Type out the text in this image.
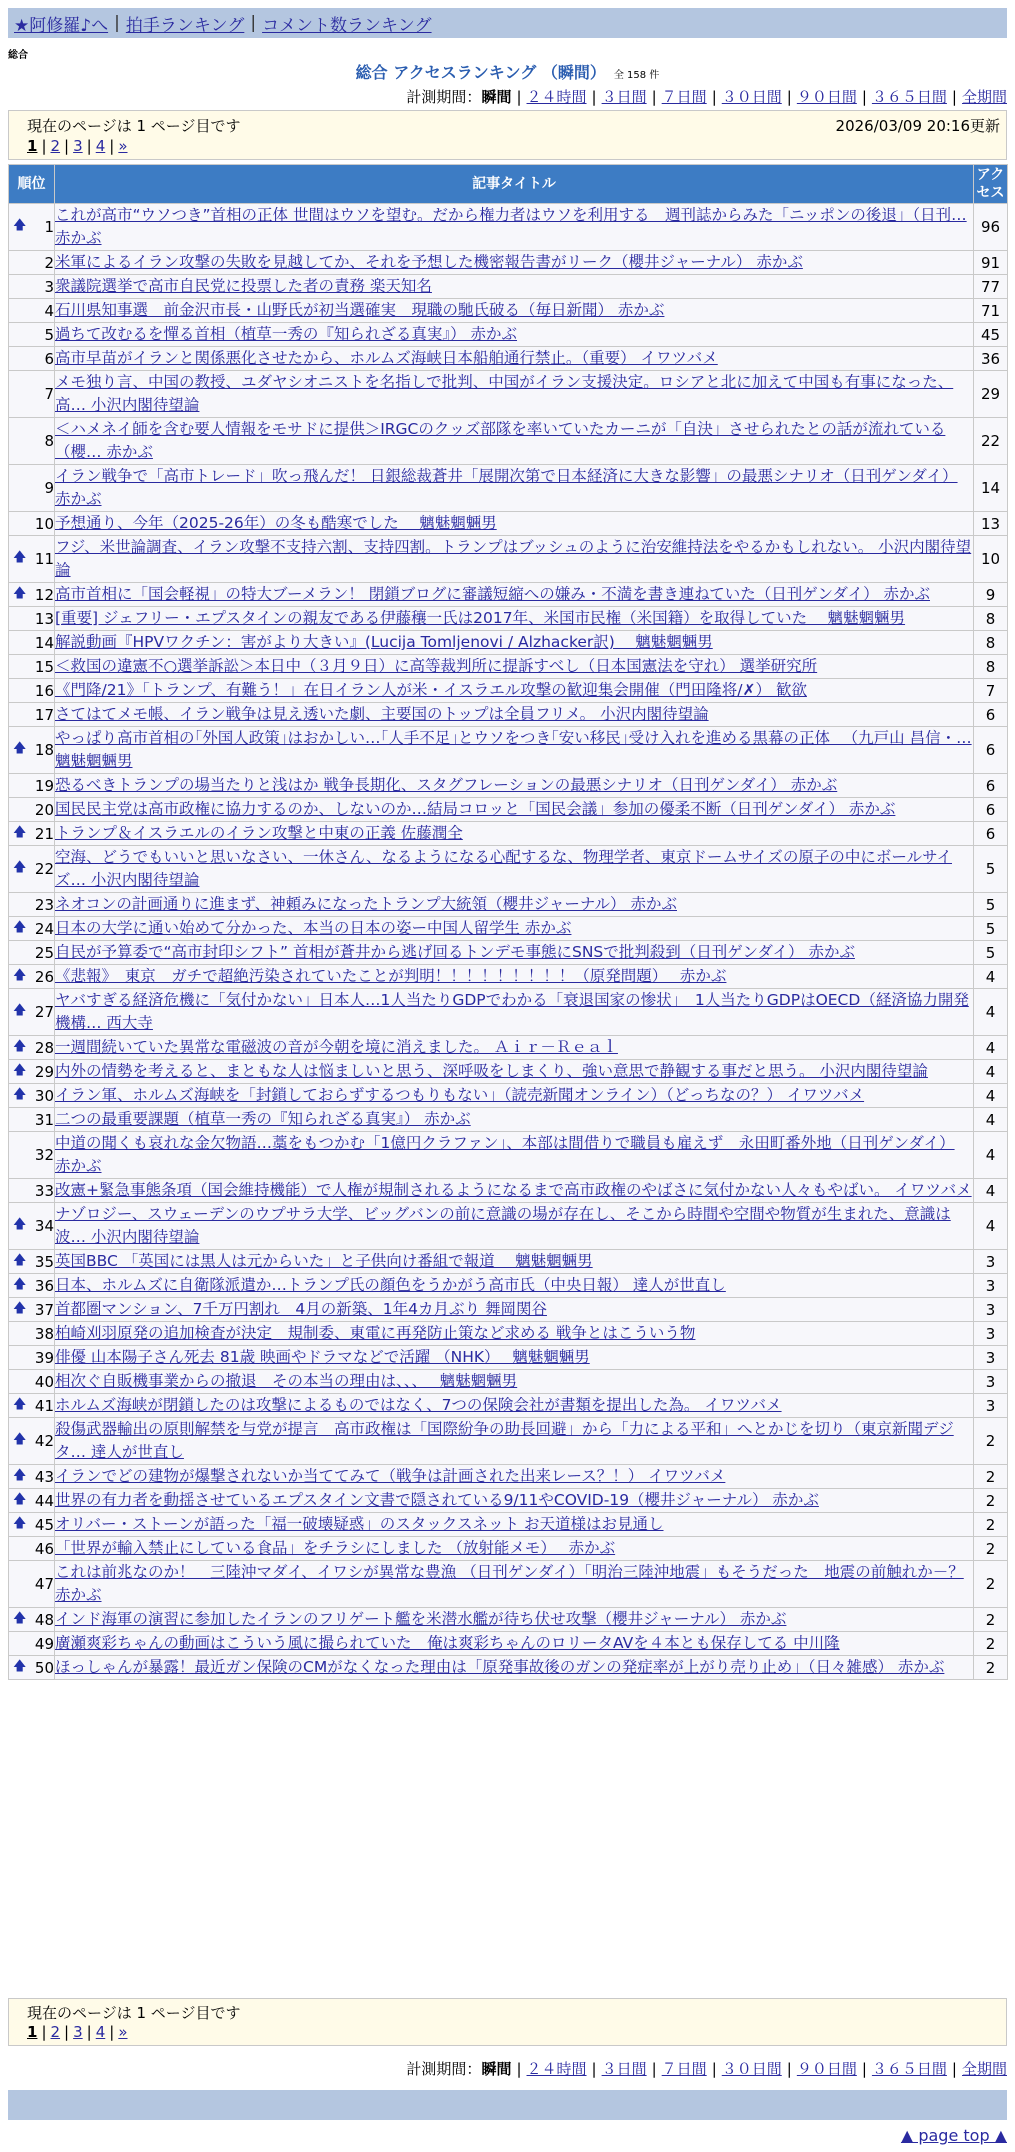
★阿修羅♪へ | 拍手ランキング | コメント数ランキング
総合
総合 アクセスランキング （瞬間） 全 158 件
計測期間：瞬間 | ２４時間 | ３日間 | ７日間 | ３０日間 | ９０日間 | ３６５日間 | 全期間
現在のページは 1 ページ目です	2026/03/09 20:16更新
1 | 2 | 3 | 4 | »
順位	記事タイトル	アクセス

🡅 1	これが高市“ウソつき”首相の正体 世間はウソを望む。だから権力者はウソを利用する　週刊誌からみた「ニッポンの後退」（日刊… 赤かぶ	96
2	米軍によるイラン攻撃の失敗を見越してか、それを予想した機密報告書がリーク（櫻井ジャーナル） 赤かぶ	91
3	衆議院選挙で高市自民党に投票した者の責務 楽天知名	77
4	石川県知事選　前金沢市長・山野氏が初当選確実　現職の馳氏破る（毎日新聞） 赤かぶ	71
5	過ちて改むるを憚る首相（植草一秀の『知られざる真実』） 赤かぶ	45
6	高市早苗がイランと関係悪化させたから、ホルムズ海峡日本船舶通行禁止。（重要） イワツバメ	36
7	メモ独り言、中国の教授、ユダヤシオニストを名指しで批判、中国がイラン支援決定。ロシアと北に加えて中国も有事になった、高… 小沢内閣待望論	29
8	＜ハメネイ師を含む要人情報をモサドに提供＞IRGCのクッズ部隊を率いていたカーニが「自決」させられたとの話が流れている（櫻… 赤かぶ	22
9	イラン戦争で「高市トレード」吹っ飛んだ！ 日銀総裁蒼井「展開次第で日本経済に大きな影響」の最悪シナリオ（日刊ゲンダイ） 赤かぶ	14
10	予想通り、今年（2025-26年）の冬も酷寒でした　 魑魅魍魎男	13

🡅 11	フジ、米世論調査、イラン攻撃不支持六割、支持四割。トランプはブッシュのように治安維持法をやるかもしれない。 小沢内閣待望論	10

🡅 12	高市首相に「国会軽視」の特大ブーメラン！ 閉鎖ブログに審議短縮への嫌み・不満を書き連ねていた（日刊ゲンダイ） 赤かぶ	9
13	[重要] ジェフリー・エプスタインの親友である伊藤穰一氏は2017年、米国市民権（米国籍）を取得していた　 魑魅魍魎男	8
14	解説動画『HPVワクチン：害がより大きい』(Lucija Tomljenovi / Alzhacker訳)　 魑魅魍魎男	8
15	＜救国の違憲不○選挙訴訟＞本日中（３月９日）に高等裁判所に提訴すべし（日本国憲法を守れ） 選挙研究所	8
16	《門降/21》「トランプ、有難う！」在日イラン人が米・イスラエル攻撃の歓迎集会開催（門田隆将/✗） 歓欲	7
17	さてはてメモ帳、イラン戦争は見え透いた劇、主要国のトップは全員フリメ。 小沢内閣待望論	6

🡅 18	やっぱり高市首相の｢外国人政策｣はおかしい…｢人手不足｣とウソをつき｢安い移民｣受け入れを進める黒幕の正体 　（九戸山 昌信・… 魑魅魍魎男	6
19	恐るべきトランプの場当たりと浅はか 戦争長期化、スタグフレーションの最悪シナリオ（日刊ゲンダイ） 赤かぶ	6
20	国民民主党は高市政権に協力するのか、しないのか…結局コロッと「国民会議」参加の優柔不断（日刊ゲンダイ） 赤かぶ	6

🡅 21	トランプ＆イスラエルのイラン攻撃と中東の正義 佐藤潤全	6

🡅 22	空海、どうでもいいと思いなさい、一休さん、なるようになる心配するな、物理学者、東京ドームサイズの原子の中にボールサイズ… 小沢内閣待望論	5
23	ネオコンの計画通りに進まず、神頼みになったトランプ大統領（櫻井ジャーナル） 赤かぶ	5

🡅 24	日本の大学に通い始めて分かった、本当の日本の姿ー中国人留学生 赤かぶ	5
25	自民が予算委で“高市封印シフト” 首相が蒼井から逃げ回るトンデモ事態にSNSで批判殺到（日刊ゲンダイ） 赤かぶ	5

🡅 26	《悲報》　東京　ガチで超絶汚染されていたことが判明！！！！！！！！！（原発問題）　 赤かぶ	4

🡅 27	ヤバすぎる経済危機に「気付かない」日本人…1人当たりGDPでわかる「衰退国家の惨状」　1人当たりGDPはOECD（経済協力開発機構… 西大寺	4

🡅 28	一週間続いていた異常な電磁波の音が今朝を境に消えました。 Ａｉｒ－Ｒｅａｌ	4

🡅 29	内外の情勢を考えると、まともな人は悩ましいと思う、深呼吸をしまくり、強い意思で静観する事だと思う。 小沢内閣待望論	4

🡅 30	イラン軍、ホルムズ海峡を「封鎖しておらずするつもりもない」（読売新聞オンライン）（どっちなの？） イワツバメ	4
31	二つの最重要課題（植草一秀の『知られざる真実』） 赤かぶ	4
32	中道の聞くも哀れな金欠物語…藁をもつかむ「1億円クラファン」、本部は間借りで職員も雇えず　永田町番外地（日刊ゲンダイ） 赤かぶ	4
33	改憲+緊急事態条項（国会維持機能）で人権が規制されるようになるまで高市政権のやばさに気付かない人々もやばい。 イワツバメ	4

🡅 34	ナゾロジー、スウェーデンのウプサラ大学、ビッグバンの前に意識の場が存在し、そこから時間や空間や物質が生まれた、意識は波… 小沢内閣待望論	4

🡅 35	英国BBC 「英国には黒人は元からいた」と子供向け番組で報道　 魑魅魍魎男	3

🡅 36	日本、ホルムズに自衛隊派遣か…トランプ氏の顔色をうかがう高市氏（中央日報） 達人が世直し	3

🡅 37	首都圏マンション、7千万円割れ　4月の新築、1年4カ月ぶり 舞岡関谷	3
38	柏崎刈羽原発の追加検査が決定　規制委、東電に再発防止策など求める 戦争とはこういう物	3
39	俳優 山本陽子さん死去 81歳 映画やドラマなどで活躍 （NHK）　 魑魅魍魎男	3
40	相次ぐ自販機事業からの撤退　その本当の理由は、、、　 魑魅魍魎男	3

🡅 41	ホルムズ海峡が閉鎖したのは攻撃によるものではなく、7つの保険会社が書類を提出した為。 イワツバメ	3

🡅 42	殺傷武器輸出の原則解禁を与党が提言　高市政権は「国際紛争の助長回避」から「力による平和」へとかじを切り（東京新聞デジタ… 達人が世直し	2

🡅 43	イランでどの建物が爆撃されないか当ててみて（戦争は計画された出来レース？！） イワツバメ	2

🡅 44	世界の有力者を動揺させているエプスタイン文書で隠されている9/11やCOVID-19（櫻井ジャーナル） 赤かぶ	2

🡅 45	オリバー・ストーンが語った「福一破壊疑惑」のスタックスネット お天道様はお見通し	2
46	「世界が輸入禁止にしている食品」をチラシにしました （放射能メモ）　 赤かぶ	2
47	これは前兆なのか！　三陸沖マダイ、イワシが異常な豊漁 （日刊ゲンダイ）「明治三陸沖地震」もそうだった　地震の前触れか－？ 赤かぶ	2

🡅 48	インド海軍の演習に参加したイランのフリゲート艦を米潜水艦が待ち伏せ攻撃（櫻井ジャーナル） 赤かぶ	2
49	廣瀬爽彩ちゃんの動画はこういう風に撮られていた　俺は爽彩ちゃんのロリータAVを４本とも保存してる 中川隆	2

🡅 50	ほっしゃんが暴露！最近ガン保険のCMがなくなった理由は「原発事故後のガンの発症率が上がり売り止め」（日々雑感） 赤かぶ	2
現在のページは 1 ページ目です
1 | 2 | 3 | 4 | »
計測期間：瞬間 | ２４時間 | ３日間 | ７日間 | ３０日間 | ９０日間 | ３６５日間 | 全期間
▲ page top ▲
